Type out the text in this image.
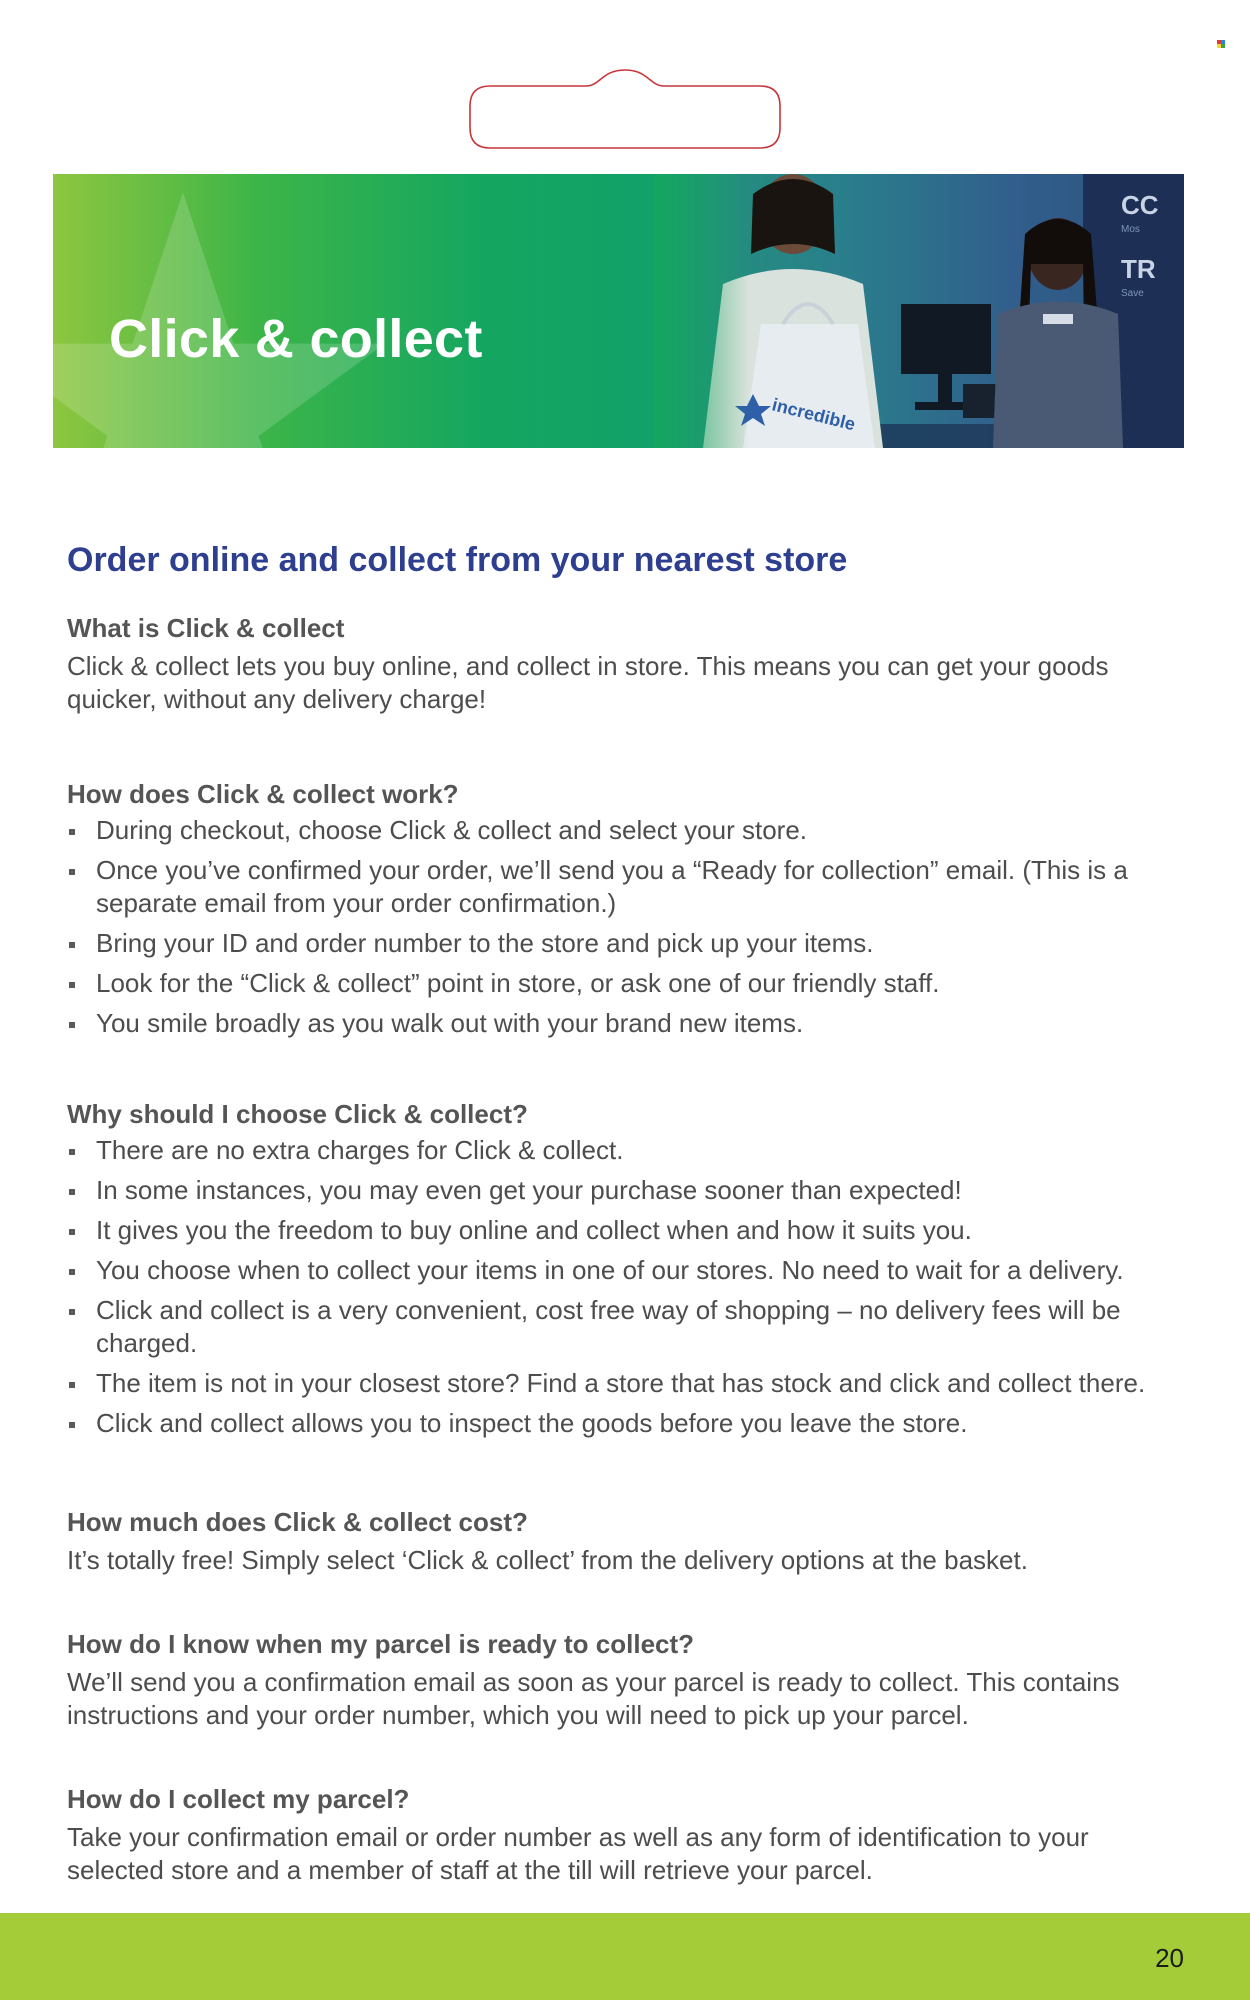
Click & collect
Order online and collect from your nearest store
What is Click & collect

Click & collect lets you buy online, and collect in store. This means you can get your goods
quicker, without any delivery charge!

How does Click & collect work?
During checkout, choose Click & collect and select your store.
Once you’ve confirmed your order, we’ll send you a “Ready for collection” email. (This is a separate email from your order confirmation.)
Bring your ID and order number to the store and pick up your items.
Look for the “Click & collect” point in store, or ask one of our friendly staff.
You smile broadly as you walk out with your brand new items.
Why should I choose Click & collect?
There are no extra charges for Click & collect.
In some instances, you may even get your purchase sooner than expected!
It gives you the freedom to buy online and collect when and how it suits you.
You choose when to collect your items in one of our stores. No need to wait for a delivery.
Click and collect is a very convenient, cost free way of shopping – no delivery fees will be charged.
The item is not in your closest store? Find a store that has stock and click and collect there.
Click and collect allows you to inspect the goods before you leave the store.
How much does Click & collect cost?

It’s totally free! Simply select ‘Click & collect’ from the delivery options at the basket.

How do I know when my parcel is ready to collect?

We’ll send you a confirmation email as soon as your parcel is ready to collect. This contains
instructions and your order number, which you will need to pick up your parcel.

How do I collect my parcel?

Take your confirmation email or order number as well as any form of identification to your
selected store and a member of staff at the till will retrieve your parcel.

20
